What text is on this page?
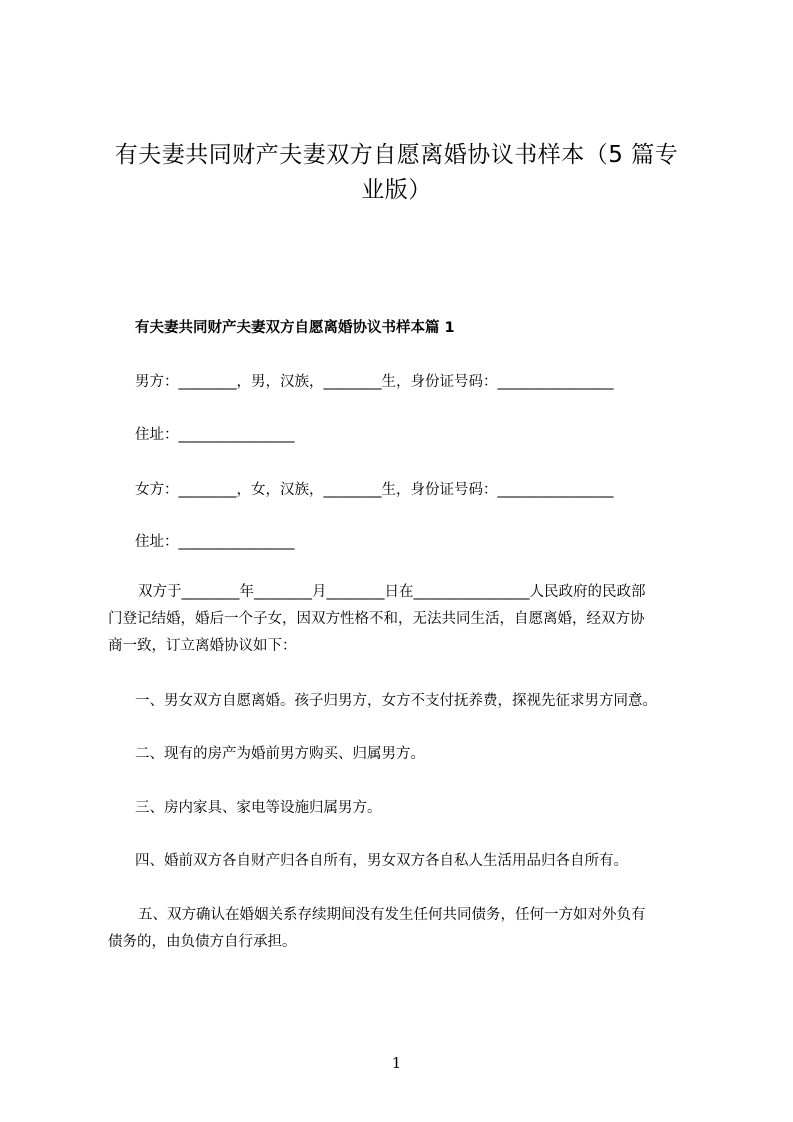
有夫妻共同财产夫妻双方自愿离婚协议书样本（5 篇专
业版）
有夫妻共同财产夫妻双方自愿离婚协议书样本篇 1
男方：________，男，汉族，________生，身份证号码：________________
住址：________________
女方：________，女，汉族，________生，身份证号码：________________
住址：________________
双方于________年________月________日在________________人民政府的民政部
门登记结婚，婚后一个子女，因双方性格不和，无法共同生活，自愿离婚，经双方协
商一致，订立离婚协议如下：
一、男女双方自愿离婚。孩子归男方，女方不支付抚养费，探视先征求男方同意。
二、现有的房产为婚前男方购买、归属男方。
三、房内家具、家电等设施归属男方。
四、婚前双方各自财产归各自所有，男女双方各自私人生活用品归各自所有。
五、双方确认在婚姻关系存续期间没有发生任何共同债务，任何一方如对外负有
债务的，由负债方自行承担。
1
